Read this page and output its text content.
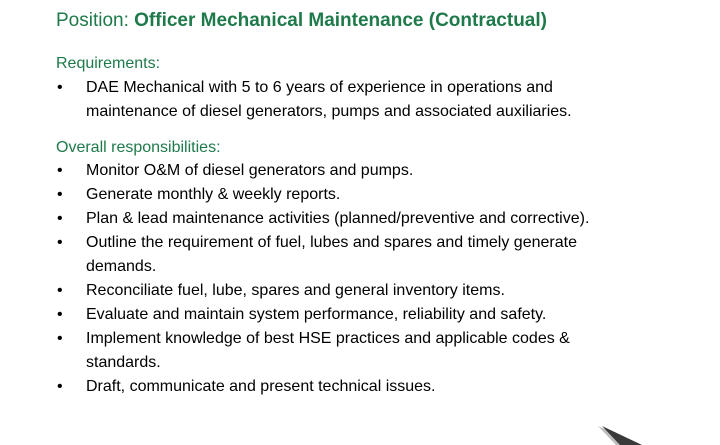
Position: Officer Mechanical Maintenance (Contractual)
Requirements:
• DAE Mechanical with 5 to 6 years of experience in operations and
maintenance of diesel generators, pumps and associated auxiliaries.
Overall responsibilities:
• Monitor O&M of diesel generators and pumps.
• Generate monthly & weekly reports.
• Plan & lead maintenance activities (planned/preventive and corrective).
• Outline the requirement of fuel, lubes and spares and timely generate
demands.
• Reconciliate fuel, lube, spares and general inventory items.
• Evaluate and maintain system performance, reliability and safety.
• Implement knowledge of best HSE practices and applicable codes &
standards.
• Draft, communicate and present technical issues.
